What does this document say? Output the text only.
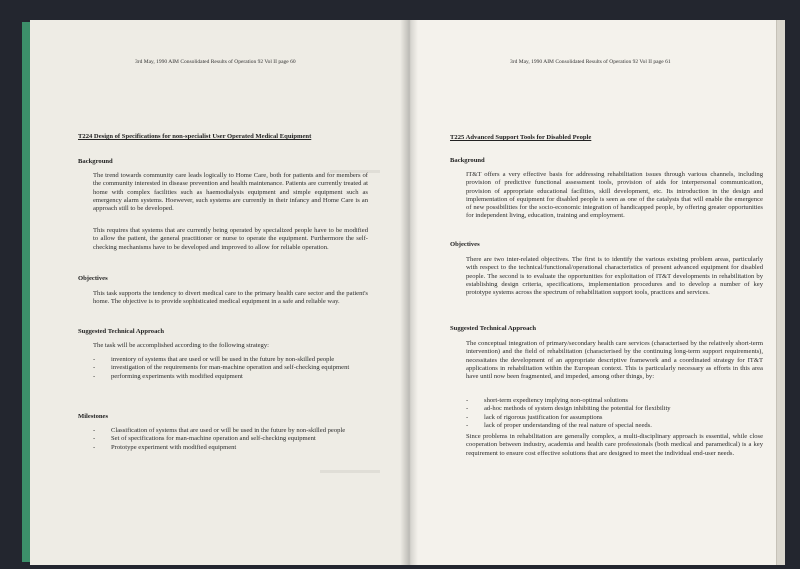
3rd May, 1990 AIM Consolidated Results of Operation 92 Vol II page 60
T224 Design of Specifications for non-specialist User Operated Medical Equipment
Background
The trend towards community care leads logically to Home Care, both for patients and for members of the community interested in disease prevention and health maintenance. Patients are currently treated at home with complex facilities such as haemodialysis equipment and simple equipment such as emergency alarm systems. Hoewever, such systems are currently in their infancy and Home Care is an approach still to be developed.
This requires that systems that are currently being operated by specialized people have to be modified to allow the patient, the general practitioner or nurse to operate the equipment. Furthermore the self-checking mechanisms have to be developed and improved to allow for reliable operation.
Objectives
This task supports the tendency to divert medical care to the primary health care sector and the patient's home. The objective is to provide sophisticated medical equipment in a safe and reliable way.
Suggested Technical Approach
The task will be accomplished according to the following strategy:
- inventory of systems that are used or will be used in the future by non-skilled people
- investigation of the requirements for man-machine operation and self-checking equipment
- performing experiments with modified equipment
Milestones
- Classification of systems that are used or will be used in the future by non-skilled people
- Set of specifications for man-machine operation and self-checking equipment
- Prototype experiment with modified equipment
3rd May, 1990 AIM Consolidated Results of Operation 92 Vol II page 61
T225 Advanced Support Tools for Disabled People
Background
IT&T offers a very effective basis for addressing rehabilitation issues through various channels, including provision of predictive functional assessment tools, provision of aids for interpersonal communication, provision of appropriate educational facilities, skill development, etc. Its introduction in the design and implementation of equipment for disabled people is seen as one of the catalysts that will enable the emergence of new possibilities for the socio-economic integration of handicapped people, by offering greater opportunities for independent living, education, training and employment.
Objectives
There are two inter-related objectives. The first is to identify the various existing problem areas, particularly with respect to the technical/functional/operational characteristics of present advanced equipment for disabled people. The second is to evaluate the opportunities for exploitation of IT&T developments in rehabilitation by establishing design criteria, specifications, implementation procedures and to develop a number of key prototype systems across the spectrum of rehabilitation support tools, practices and services.
Suggested Technical Approach
The conceptual integration of primary/secondary health care services (characterised by the relatively short-term intervention) and the field of rehabilitation (characterised by the continuing long-term support requirements), necessitates the development of an appropriate descriptive framework and a coordinated strategy for IT&T applications in rehabilitation within the European context. This is particularly necessary as efforts in this area have until now been fragmented, and impeded, among other things, by:
- short-term expediency implying non-optimal solutions
- ad-hoc methods of system design inhibiting the potential for flexibility
- lack of rigorous justification for assumptions
- lack of proper understanding of the real nature of special needs.
Since problems in rehabilitation are generally complex, a multi-disciplinary approach is essential, while close cooperation between industry, academia and health care professionals (both medical and paramedical) is a key requirement to ensure cost effective solutions that are designed to meet the individual end-user needs.
